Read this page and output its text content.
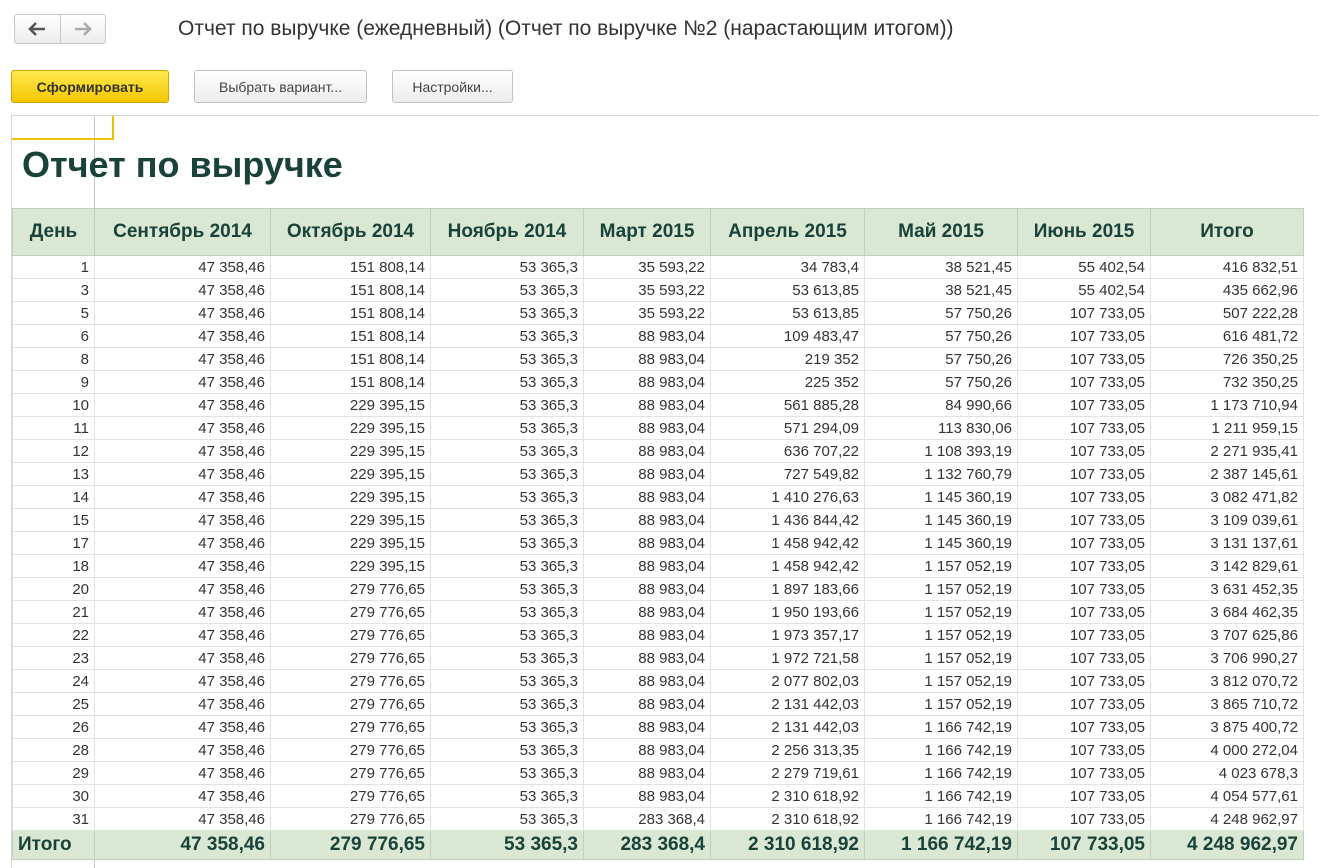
Отчет по выручке (ежедневный) (Отчет по выручке №2 (нарастающим итогом))
Сформировать	Выбрать вариант...	Настройки...
Отчет по выручке
День	Сентябрь 2014	Октябрь 2014	Ноябрь 2014	Март 2015	Апрель 2015	Май 2015	Июнь 2015	Итого
1	47 358,46	151 808,14	53 365,3	35 593,22	34 783,4	38 521,45	55 402,54	416 832,51
3	47 358,46	151 808,14	53 365,3	35 593,22	53 613,85	38 521,45	55 402,54	435 662,96
5	47 358,46	151 808,14	53 365,3	35 593,22	53 613,85	57 750,26	107 733,05	507 222,28
6	47 358,46	151 808,14	53 365,3	88 983,04	109 483,47	57 750,26	107 733,05	616 481,72
8	47 358,46	151 808,14	53 365,3	88 983,04	219 352	57 750,26	107 733,05	726 350,25
9	47 358,46	151 808,14	53 365,3	88 983,04	225 352	57 750,26	107 733,05	732 350,25
10	47 358,46	229 395,15	53 365,3	88 983,04	561 885,28	84 990,66	107 733,05	1 173 710,94
11	47 358,46	229 395,15	53 365,3	88 983,04	571 294,09	113 830,06	107 733,05	1 211 959,15
12	47 358,46	229 395,15	53 365,3	88 983,04	636 707,22	1 108 393,19	107 733,05	2 271 935,41
13	47 358,46	229 395,15	53 365,3	88 983,04	727 549,82	1 132 760,79	107 733,05	2 387 145,61
14	47 358,46	229 395,15	53 365,3	88 983,04	1 410 276,63	1 145 360,19	107 733,05	3 082 471,82
15	47 358,46	229 395,15	53 365,3	88 983,04	1 436 844,42	1 145 360,19	107 733,05	3 109 039,61
17	47 358,46	229 395,15	53 365,3	88 983,04	1 458 942,42	1 145 360,19	107 733,05	3 131 137,61
18	47 358,46	229 395,15	53 365,3	88 983,04	1 458 942,42	1 157 052,19	107 733,05	3 142 829,61
20	47 358,46	279 776,65	53 365,3	88 983,04	1 897 183,66	1 157 052,19	107 733,05	3 631 452,35
21	47 358,46	279 776,65	53 365,3	88 983,04	1 950 193,66	1 157 052,19	107 733,05	3 684 462,35
22	47 358,46	279 776,65	53 365,3	88 983,04	1 973 357,17	1 157 052,19	107 733,05	3 707 625,86
23	47 358,46	279 776,65	53 365,3	88 983,04	1 972 721,58	1 157 052,19	107 733,05	3 706 990,27
24	47 358,46	279 776,65	53 365,3	88 983,04	2 077 802,03	1 157 052,19	107 733,05	3 812 070,72
25	47 358,46	279 776,65	53 365,3	88 983,04	2 131 442,03	1 157 052,19	107 733,05	3 865 710,72
26	47 358,46	279 776,65	53 365,3	88 983,04	2 131 442,03	1 166 742,19	107 733,05	3 875 400,72
28	47 358,46	279 776,65	53 365,3	88 983,04	2 256 313,35	1 166 742,19	107 733,05	4 000 272,04
29	47 358,46	279 776,65	53 365,3	88 983,04	2 279 719,61	1 166 742,19	107 733,05	4 023 678,3
30	47 358,46	279 776,65	53 365,3	88 983,04	2 310 618,92	1 166 742,19	107 733,05	4 054 577,61
31	47 358,46	279 776,65	53 365,3	283 368,4	2 310 618,92	1 166 742,19	107 733,05	4 248 962,97
Итого	47 358,46	279 776,65	53 365,3	283 368,4	2 310 618,92	1 166 742,19	107 733,05	4 248 962,97
